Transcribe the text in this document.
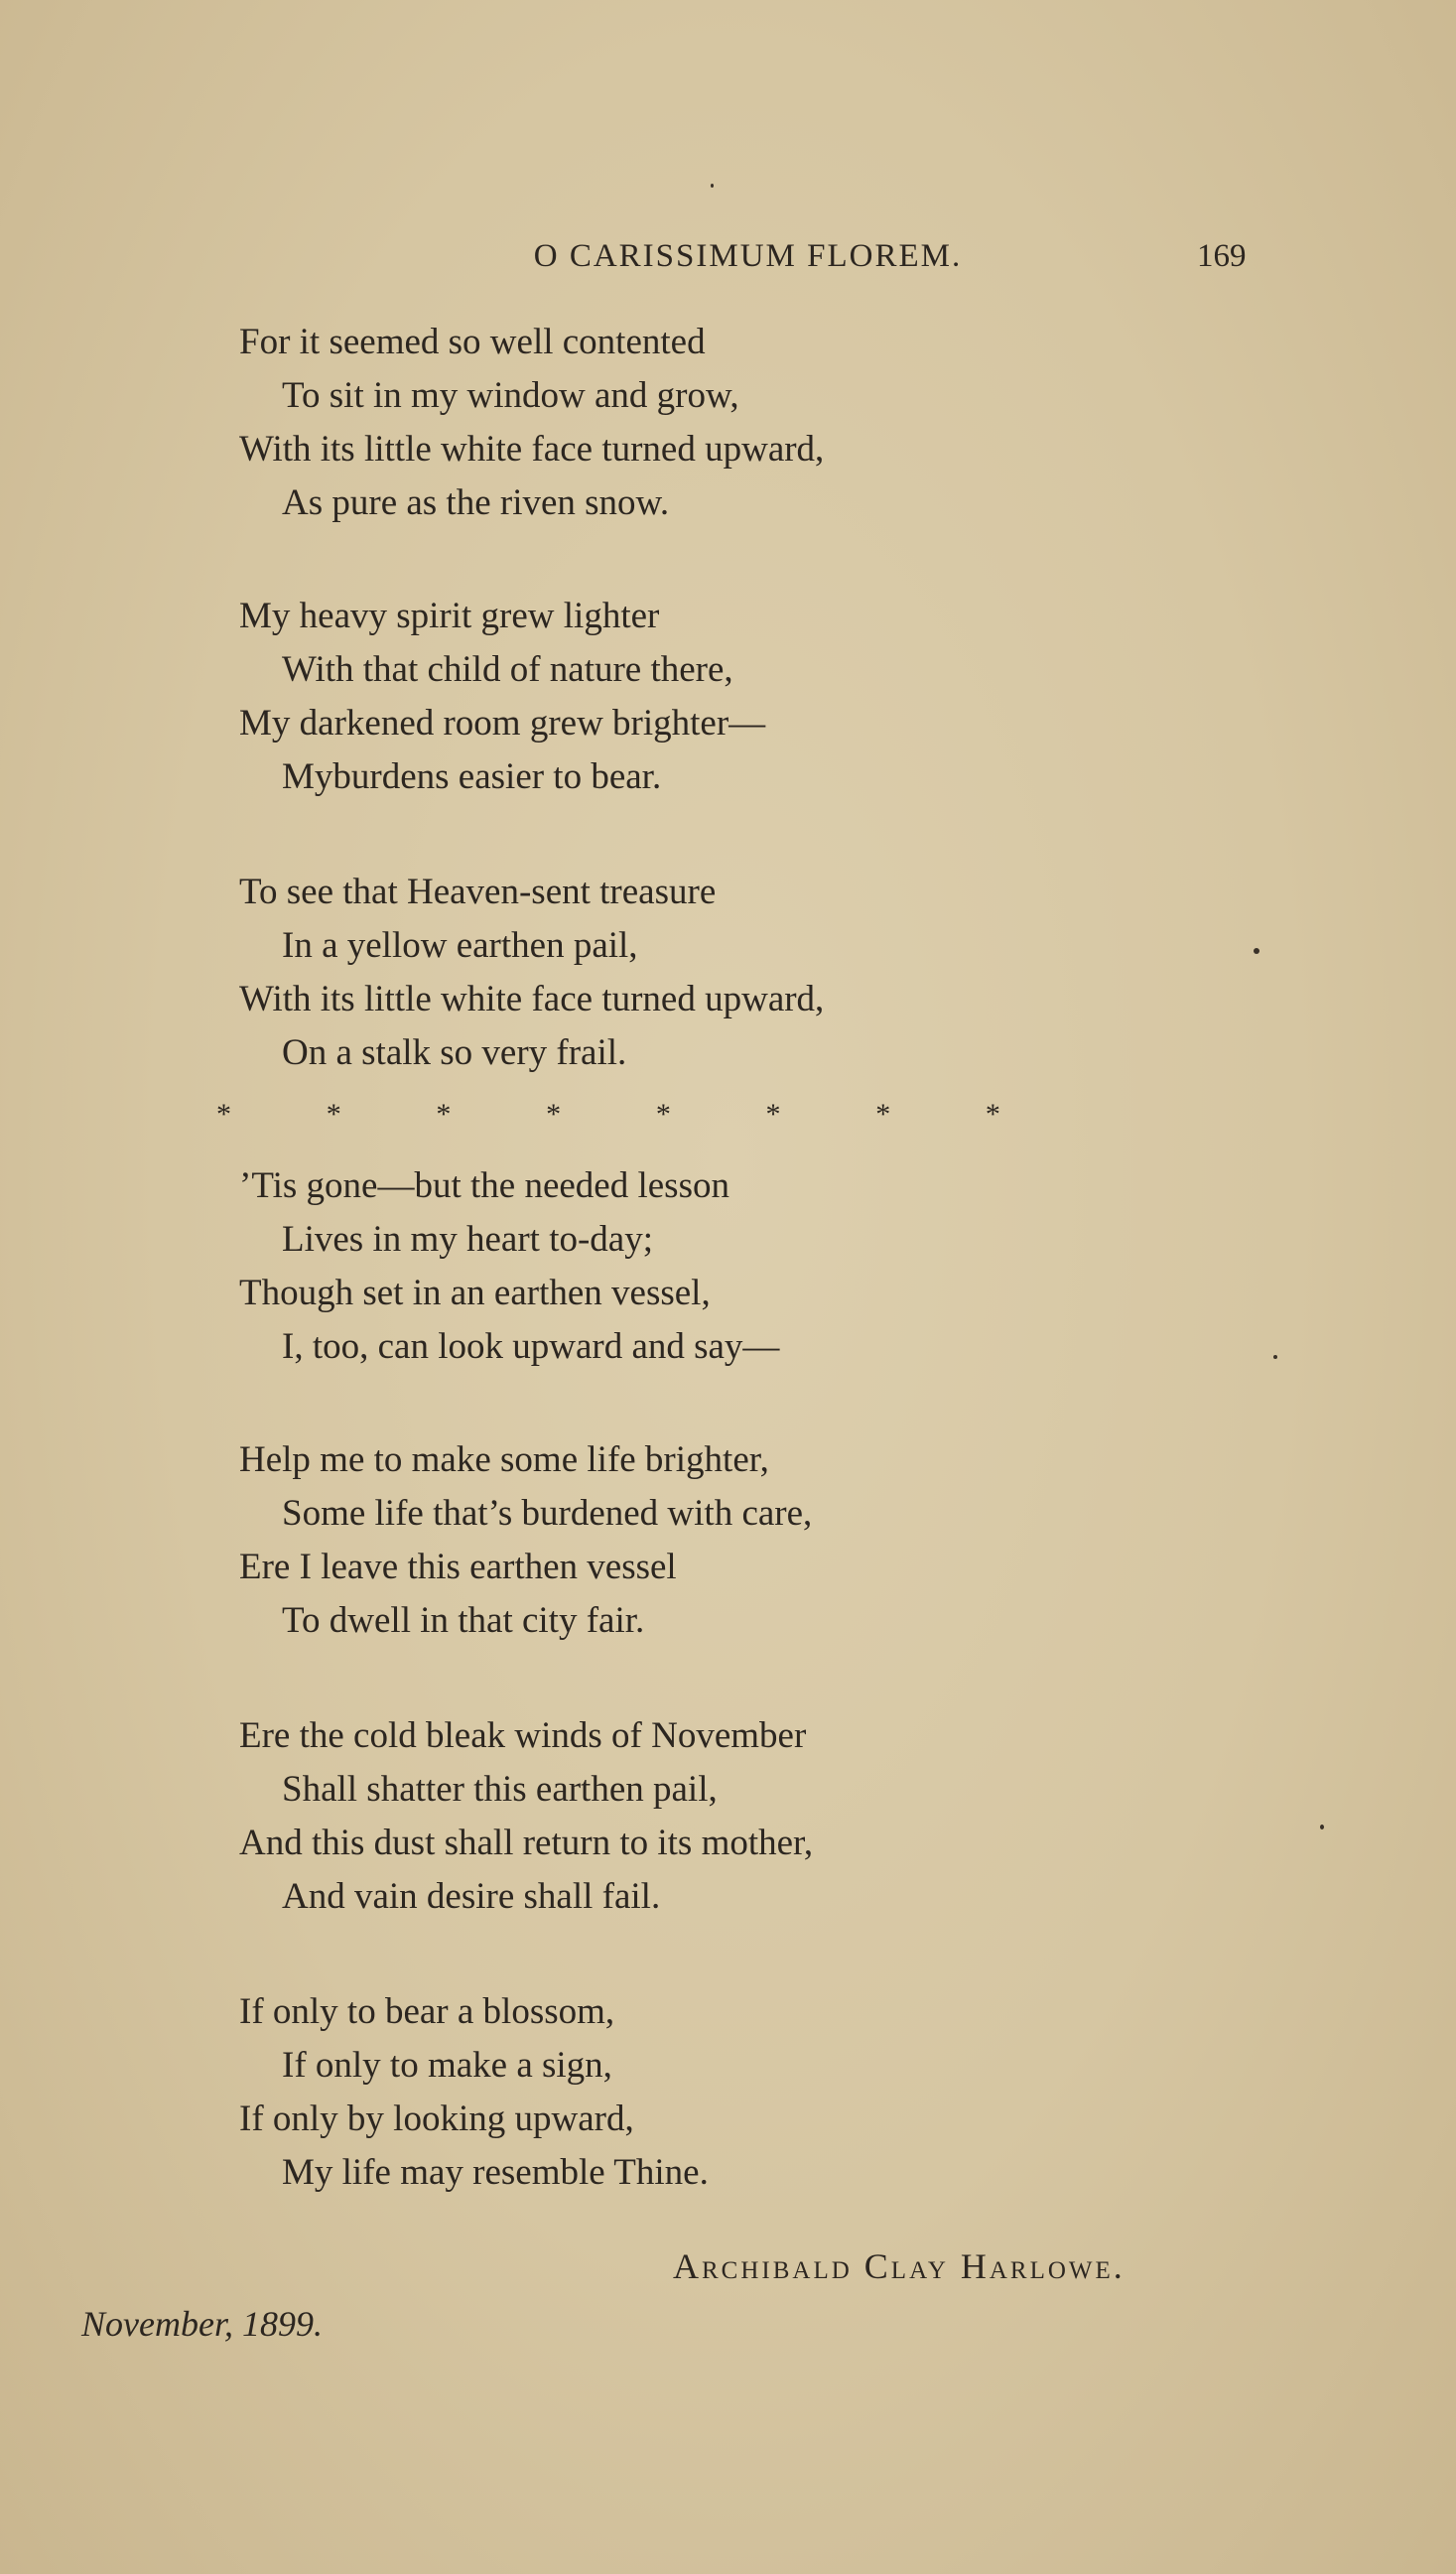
O CARISSIMUM FLOREM.	169
For it seemed so well contented
To sit in my window and grow,
With its little white face turned upward,
As pure as the riven snow.
My heavy spirit grew lighter
With that child of nature there,
My darkened room grew brighter—
Myburdens easier to bear.
To see that Heaven-sent treasure
In a yellow earthen pail,
With its little white face turned upward,
On a stalk so very frail.
*	*	*	*	*	*	*	*
’Tis gone—but the needed lesson
Lives in my heart to-day;
Though set in an earthen vessel,
I, too, can look upward and say—
Help me to make some life brighter,
Some life that’s burdened with care,
Ere I leave this earthen vessel
To dwell in that city fair.
Ere the cold bleak winds of November
Shall shatter this earthen pail,
And this dust shall return to its mother,
And vain desire shall fail.
If only to bear a blossom,
If only to make a sign,
If only by looking upward,
My life may resemble Thine.
Archibald Clay Harlowe.
November, 1899.
